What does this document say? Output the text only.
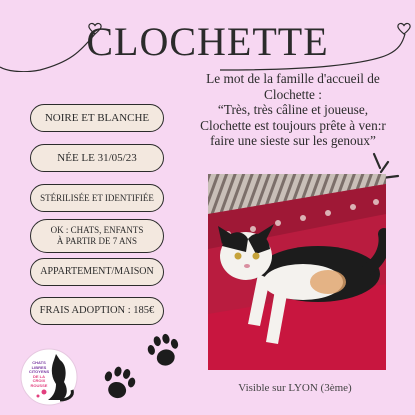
CLOCHETTE
NOIRE ET BLANCHE
NÉE LE 31/05/23
STÉRILISÉE ET IDENTIFIÉE
OK : CHATS, ENFANTS
À PARTIR DE 7 ANS
APPARTEMENT/MAISON
FRAIS ADOPTION : 185€
Le mot de la famille d'accueil de
Clochette :
“Très, très câline et joueuse,
Clochette est toujours prête à ven:r
faire une sieste sur les genoux”
Visible sur LYON (3ème)
CHATS
LIBRES
CITOYENS
DE LA
CROIX
ROUSSE
